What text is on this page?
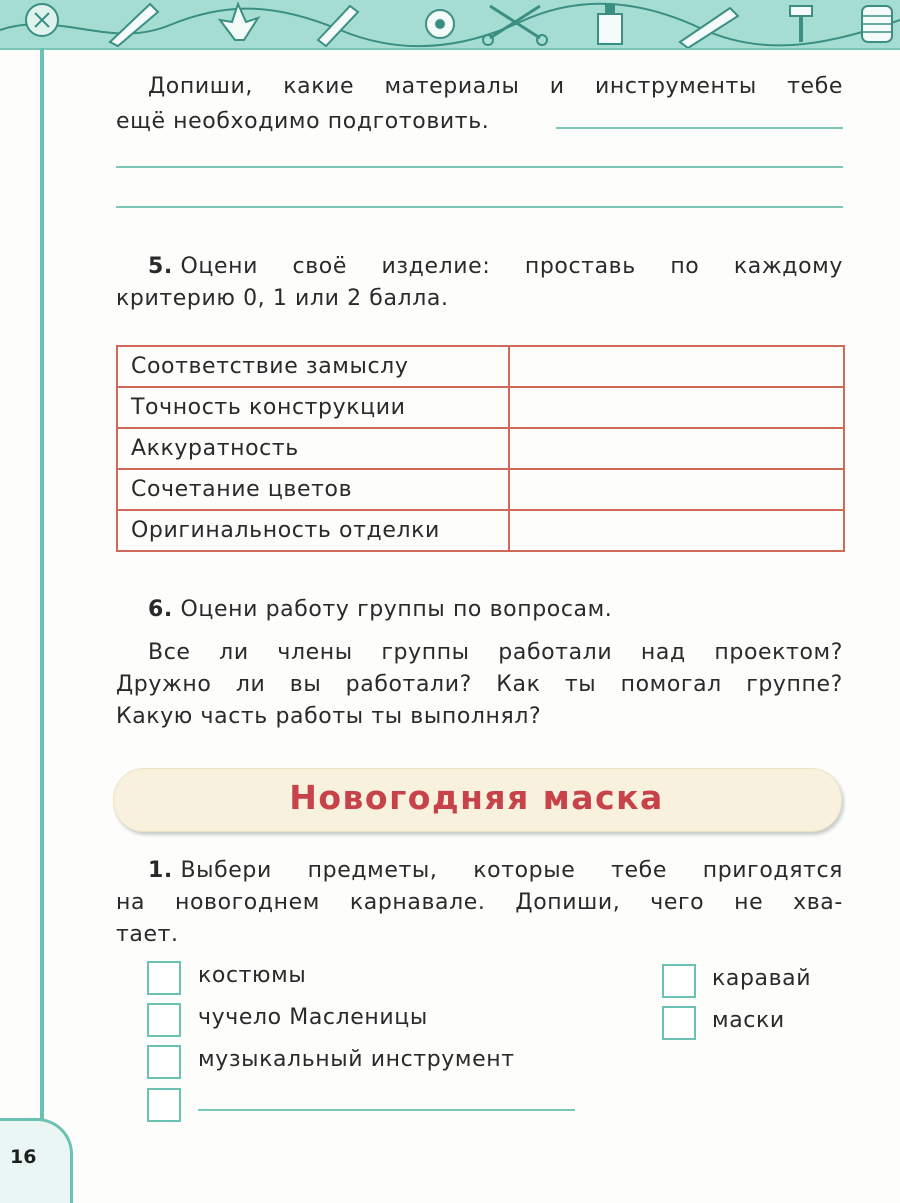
Допиши, какие материалы и инструменты тебе
ещё необходимо подготовить.
5. Оцени своё изделие: проставь по каждому
критерию 0, 1 или 2 балла.
Соответствие замыслу	
Точность конструкции	
Аккуратность	
Сочетание цветов	
Оригинальность отделки	
6. Оцени работу группы по вопросам.
Все ли члены группы работали над проектом?
Дружно ли вы работали? Как ты помогал группе?
Какую часть работы ты выполнял?
Новогодняя маска
1. Выбери предметы, которые тебе пригодятся
на новогоднем карнавале. Допиши, чего не хва-
тает.
костюмы
чучело Масленицы
музыкальный инструмент
каравай
маски
16
